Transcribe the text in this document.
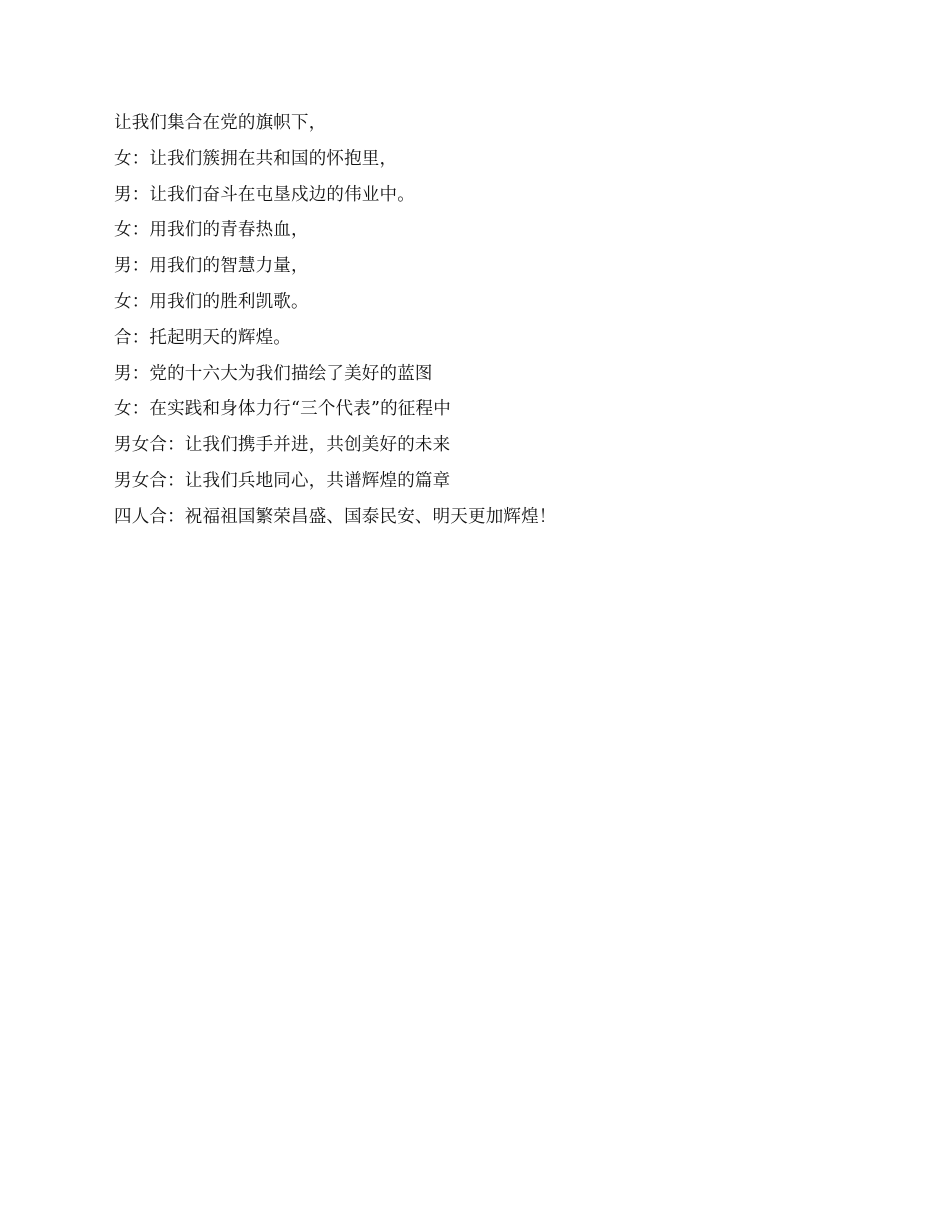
让我们集合在党的旗帜下，
女：让我们簇拥在共和国的怀抱里，
男：让我们奋斗在屯垦戍边的伟业中。
女：用我们的青春热血，
男：用我们的智慧力量，
女：用我们的胜利凯歌。
合：托起明天的辉煌。
男：党的十六大为我们描绘了美好的蓝图
女：在实践和身体力行“三个代表”的征程中
男女合：让我们携手并进，共创美好的未来
男女合：让我们兵地同心，共谱辉煌的篇章
四人合：祝福祖国繁荣昌盛、国泰民安、明天更加辉煌！
